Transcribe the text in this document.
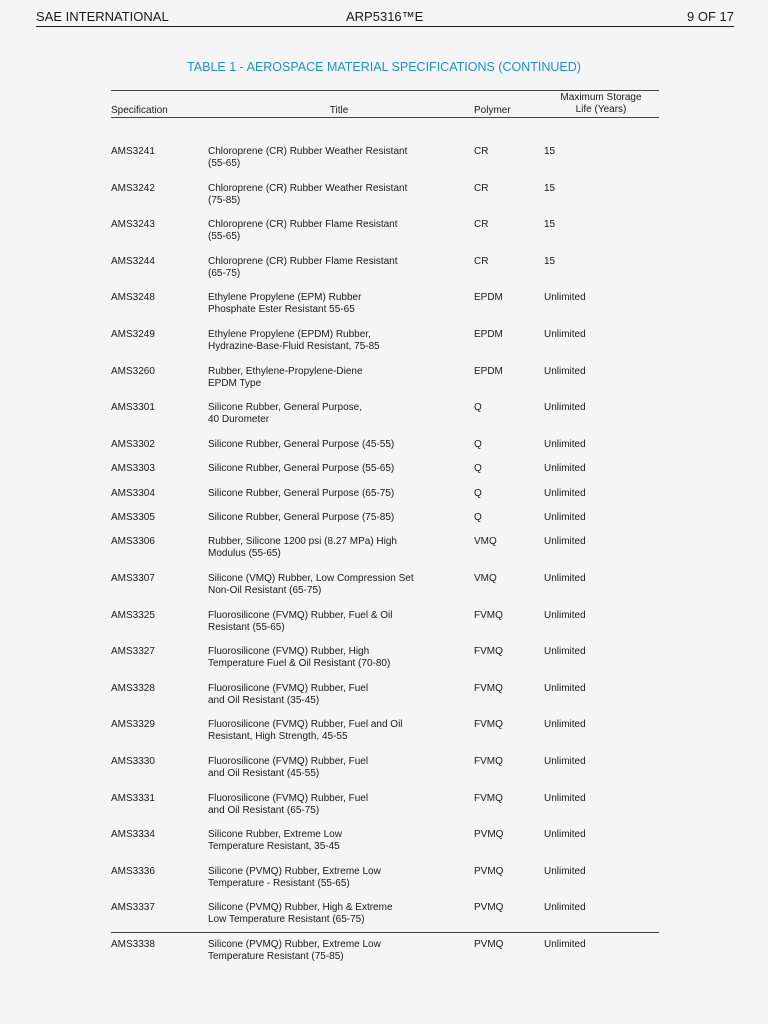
SAE INTERNATIONAL	ARP5316™E	9 OF 17
TABLE 1 - AEROSPACE MATERIAL SPECIFICATIONS (CONTINUED)
Specification	Title	Polymer
Maximum Storage
Life (Years)
AMS3241	Chloroprene (CR) Rubber Weather Resistant
(55-65)
CR	15
AMS3242	Chloroprene (CR) Rubber Weather Resistant
(75-85)
CR	15
AMS3243	Chloroprene (CR) Rubber Flame Resistant
(55-65)
CR	15
AMS3244	Chloroprene (CR) Rubber Flame Resistant
(65-75)
CR	15
AMS3248	Ethylene Propylene (EPM) Rubber
Phosphate Ester Resistant 55-65
EPDM	Unlimited
AMS3249	Ethylene Propylene (EPDM) Rubber,
Hydrazine-Base-Fluid Resistant, 75-85
EPDM	Unlimited
AMS3260	Rubber, Ethylene-Propylene-Diene
EPDM Type
EPDM	Unlimited
AMS3301	Silicone Rubber, General Purpose,
40 Durometer
Q	Unlimited
AMS3302	Silicone Rubber, General Purpose (45-55)	Q	Unlimited
AMS3303	Silicone Rubber, General Purpose (55-65)	Q	Unlimited
AMS3304	Silicone Rubber, General Purpose (65-75)	Q	Unlimited
AMS3305	Silicone Rubber, General Purpose (75-85)	Q	Unlimited
AMS3306	Rubber, Silicone 1200 psi (8.27 MPa) High
Modulus (55-65)
VMQ	Unlimited
AMS3307	Silicone (VMQ) Rubber, Low Compression Set
Non-Oil Resistant (65-75)
VMQ	Unlimited
AMS3325	Fluorosilicone (FVMQ) Rubber, Fuel & Oil
Resistant (55-65)
FVMQ	Unlimited
AMS3327	Fluorosilicone (FVMQ) Rubber, High
Temperature Fuel & Oil Resistant (70-80)
FVMQ	Unlimited
AMS3328	Fluorosilicone (FVMQ) Rubber, Fuel
and Oil Resistant (35-45)
FVMQ	Unlimited
AMS3329	Fluorosilicone (FVMQ) Rubber, Fuel and Oil
Resistant, High Strength, 45-55
FVMQ	Unlimited
AMS3330	Fluorosilicone (FVMQ) Rubber, Fuel
and Oil Resistant (45-55)
FVMQ	Unlimited
AMS3331	Fluorosilicone (FVMQ) Rubber, Fuel
and Oil Resistant (65-75)
FVMQ	Unlimited
AMS3334	Silicone Rubber, Extreme Low
Temperature Resistant, 35-45
PVMQ	Unlimited
AMS3336	Silicone (PVMQ) Rubber, Extreme Low
Temperature - Resistant (55-65)
PVMQ	Unlimited
AMS3337	Silicone (PVMQ) Rubber, High & Extreme
Low Temperature Resistant (65-75)
PVMQ	Unlimited
AMS3338	Silicone (PVMQ) Rubber, Extreme Low
Temperature Resistant (75-85)
PVMQ	Unlimited
